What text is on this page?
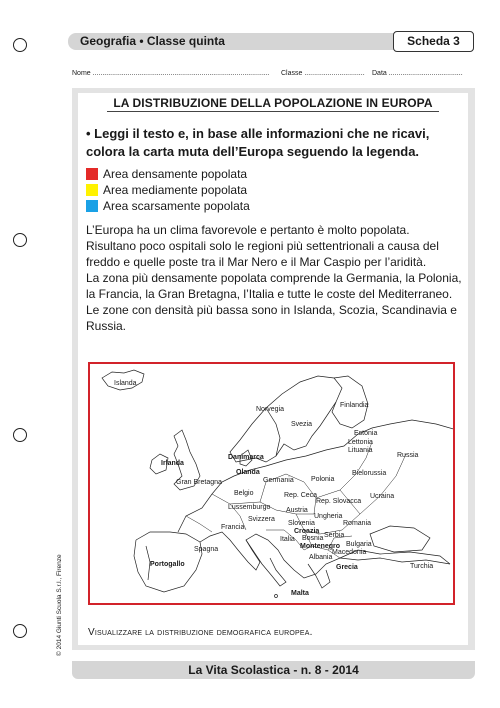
Geografia • Classe quinta	Scheda 3
Nome ...........................................................................................	Classe ...............................	Data ......................................
LA DISTRIBUZIONE DELLA POPOLAZIONE IN EUROPA
• Leggi il testo e, in base alle informazioni che ne ricavi, colora la carta muta dell’Europa seguendo la legenda.
Area densamente popolata
Area mediamente popolata
Area scarsamente popolata

L’Europa ha un clima favorevole e pertanto è molto popolata. Risultano poco ospitali solo le regioni più settentrionali a causa del freddo e quelle poste tra il Mar Nero e il Mar Caspio per l’aridità.

La zona più densamente popolata comprende la Germania, la Polonia, la Francia, la Gran Bretagna, l’Italia e tutte le coste del Mediterraneo.

Le zone con densità più bassa sono in Islanda, Scozia, Scandinavia e Russia.

Islanda
Norvegia
Svezia
Finlandia
Estonia
Lettonia
Lituania
Russia
Danimarca
Irlanda
Gran Bretagna
Olanda
Germania Polonia
Bielorussia
Belgio	Rep. Ceca
Rep. Slovacca
Ucraina
Lussemburgo Austria
Svizzera	Ungheria
Francia
Slovenia	Romania
Croazia
Italia Bosnia Serbia
Montenegro Bulgaria
Macedonia
Spagna
Albania
Portogallo	Grecia	Turchia
Malta
Visualizzare la distribuzione demografica europea.
© 2014 Giunti Scuola S.r.l., Firenze
La Vita Scolastica - n. 8 - 2014
